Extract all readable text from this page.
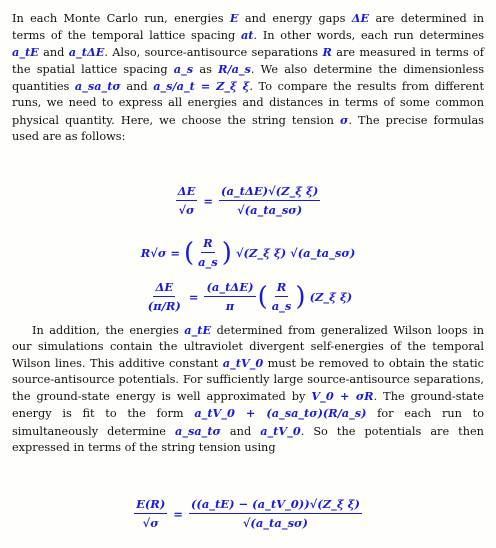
In each Monte Carlo run, energies E and energy gaps ΔE are determined in terms of the temporal lattice spacing at. In other words, each run determines a_tE and a_tΔE. Also, source-antisource separations R are measured in terms of the spatial lattice spacing a_s as R/a_s. We also determine the dimensionless quantities a_sa_tσ and a_s/a_t = Z_ξ ξ. To compare the results from different runs, we need to express all energies and distances in terms of some common physical quantity. Here, we choose the string tension σ. The precise formulas used are as follows:

$\frac{\Delta E}{√\sigma} = \frac{\text{(a\_tΔE)√(Z\_ξ ξ)}}{√(a\_ta\_s\sigma)}$
R√σ = ( $\frac{R}{a\_s}$ ) √(Z_ξ ξ) √(a_ta_sσ)
$\frac{\Delta E}{(\pi/R)} = \frac{\text{(a\_tΔE)}}{\pi}$ ( $\frac{R}{a\_s}$ ) (Z_ξ ξ)

In addition, the energies a_tE determined from generalized Wilson loops in our simulations contain the ultraviolet divergent self-energies of the temporal Wilson lines. This additive constant a_tV_0 must be removed to obtain the static source-antisource potentials. For sufficiently large source-antisource separations, the ground-state energy is well approximated by V_0 + σR. The ground-state energy is fit to the form a_tV_0 + (a_sa_tσ)(R/a_s) for each run to simultaneously determine a_sa_tσ and a_tV_0. So the potentials are then expressed in terms of the string tension using

$\frac{E(R)}{√\sigma} = \frac{\text{((a\_tE) − (a\_tV\_0))√(Z\_ξ ξ)}}{√(a\_ta\_s\sigma)}$
